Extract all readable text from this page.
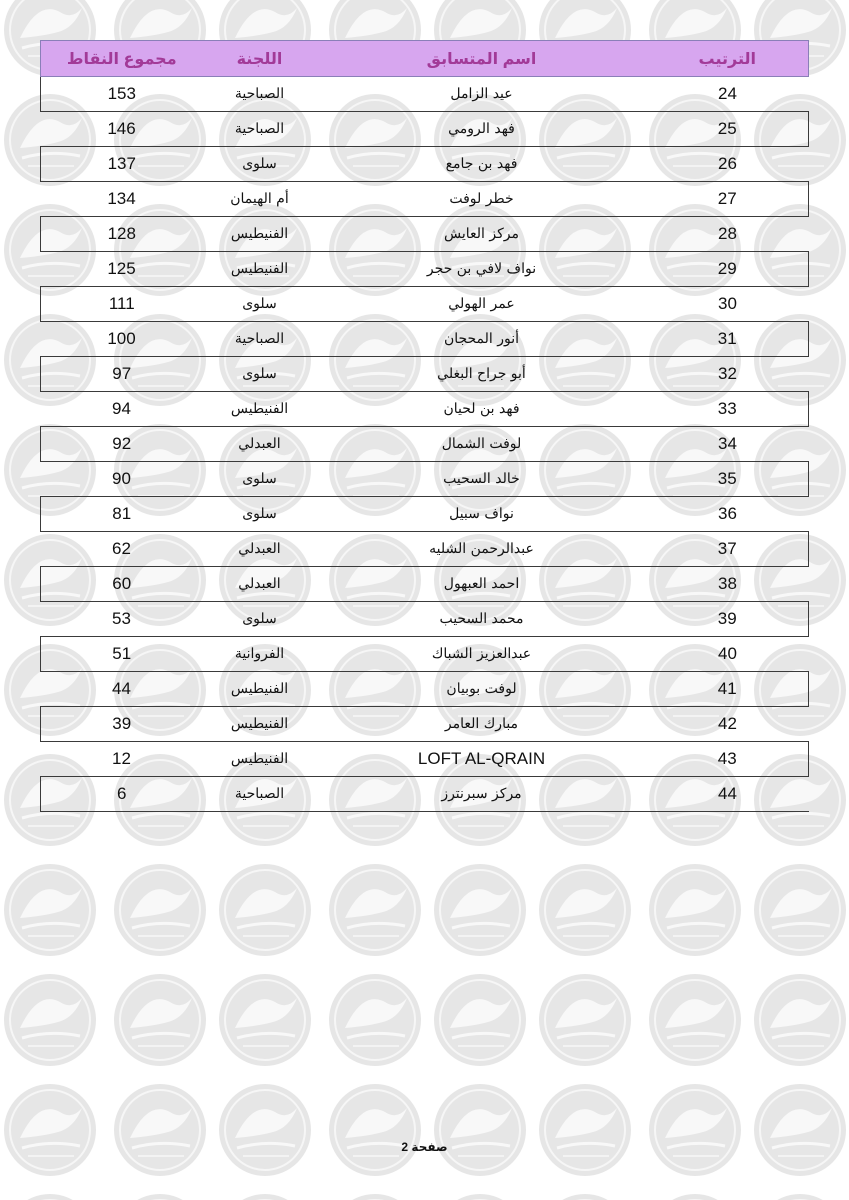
مجموع النقاط	اللجنة	اسم المتسابق	الترتيب
153	الصباحية	عيد الزامل	24
146	الصباحية	فهد الرومي	25
137	سلوى	فهد بن جامع	26
134	أم الهيمان	خطر لوفت	27
128	الفنيطيس	مركز العايش	28
125	الفنيطيس	نواف لافي بن حجر	29
111	سلوى	عمر الهولي	30
100	الصباحية	أنور المحجان	31
97	سلوى	أبو جراح البغلي	32
94	الفنيطيس	فهد بن لحيان	33
92	العبدلي	لوفت الشمال	34
90	سلوى	خالد السحيب	35
81	سلوى	نواف سبيل	36
62	العبدلي	عبدالرحمن الشليه	37
60	العبدلي	احمد العبهول	38
53	سلوى	محمد السحيب	39
51	الفروانية	عبدالعزيز الشباك	40
44	الفنيطيس	لوفت بوبيان	41
39	الفنيطيس	مبارك العامر	42
12	الفنيطيس	LOFT AL-QRAIN	43
6	الصباحية	مركز سبرنترز	44
صفحة 2
